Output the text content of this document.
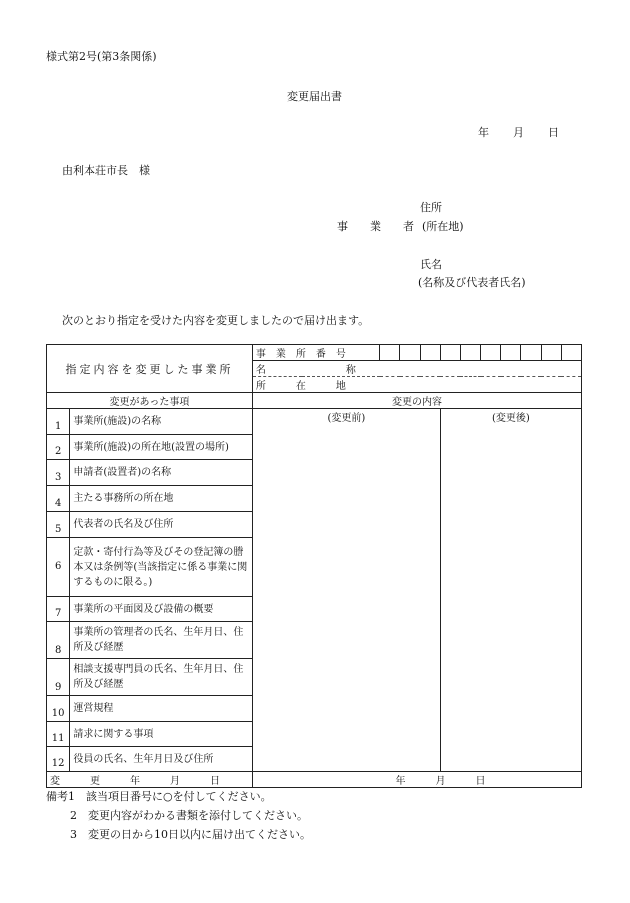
様式第2号(第3条関係)
変更届出書
年 月 日
由利本荘市長　様
住所
事　　業　　者 (所在地)
氏名
(名称及び代表者氏名)
次のとおり指定を受けた内容を変更しましたので届け出ます。
指定内容を変更した事業所		事　業　所　番　号										
		名　　　　　　　　称										
		所　　　在　　　地										
変更があった事項		変更の内容										
1	事業所(施設)の名称	(変更前)				(変更後)						
2	事業所(施設)の所在地(設置の場所)											
3	申請者(設置者)の名称											
4	主たる事務所の所在地											
5	代表者の氏名及び住所											
6	定款・寄付行為等及びその登記簿の謄本又は条例等(当該指定に係る事業に関するものに限る。)											
7	事業所の平面図及び設備の概要											
8	事業所の管理者の氏名、生年月日、住所及び経歴											
9	相談支援専門員の氏名、生年月日、住所及び経歴											
10	運営規程											
11	請求に関する事項											
12	役員の氏名、生年月日及び住所											
変　　　更　　　年　　　月　　　日		年　　　月　　　日										
備考1　該当項目番号に○を付してください。
2　変更内容がわかる書類を添付してください。
3　変更の日から10日以内に届け出てください。
